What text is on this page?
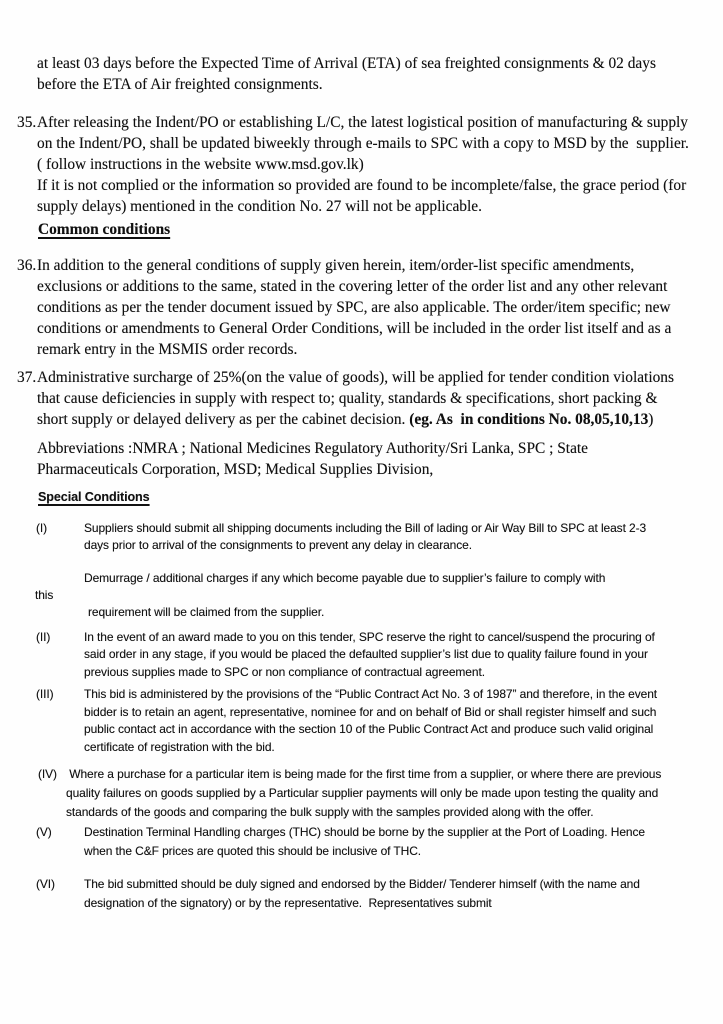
at least 03 days before the Expected Time of Arrival (ETA) of sea freighted consignments & 02 days before the ETA of Air freighted consignments.

35. After releasing the Indent/PO or establishing L/C, the latest logistical position of manufacturing & supply on the Indent/PO, shall be updated biweekly through e-mails to SPC with a copy to MSD by the  supplier.( follow instructions in the website www.msd.gov.lk)

If it is not complied or the information so provided are found to be incomplete/false, the grace period (for supply delays) mentioned in the condition No. 27 will not be applicable.

Common conditions
36. In addition to the general conditions of supply given herein, item/order-list specific amendments, exclusions or additions to the same, stated in the covering letter of the order list and any other relevant conditions as per the tender document issued by SPC, are also applicable. The order/item specific; new conditions or amendments to General Order Conditions, will be included in the order list itself and as a remark entry in the MSMIS order records.

37. Administrative surcharge of 25%(on the value of goods), will be applied for tender condition violations that cause deficiencies in supply with respect to; quality, standards & specifications, short packing & short supply or delayed delivery as per the cabinet decision. (eg. As  in conditions No. 08,05,10,13)

Abbreviations :NMRA ; National Medicines Regulatory Authority/Sri Lanka, SPC ; State Pharmaceuticals Corporation, MSD; Medical Supplies Division,

Special Conditions
(I)	Suppliers should submit all shipping documents including the Bill of lading or Air Way Bill to SPC at least 2-3 days prior to arrival of the consignments to prevent any delay in clearance.

Demurrage / additional charges if any which become payable due to supplier’s failure to comply with

this

requirement will be claimed from the supplier.

(II)	In the event of an award made to you on this tender, SPC reserve the right to cancel/suspend the procuring of said order in any stage, if you would be placed the defaulted supplier’s list due to quality failure found in your previous supplies made to SPC or non compliance of contractual agreement.

(III)	This bid is administered by the provisions of the “Public Contract Act No. 3 of 1987” and therefore, in the event bidder is to retain an agent, representative, nominee for and on behalf of Bid or shall register himself and such public contact act in accordance with the section 10 of the Public Contract Act and produce such valid original certificate of registration with the bid.

(IV) Where a purchase for a particular item is being made for the first time from a supplier, or where there are previous quality failures on goods supplied by a Particular supplier payments will only be made upon testing the quality and standards of the goods and comparing the bulk supply with the samples provided along with the offer.

(V)	Destination Terminal Handling charges (THC) should be borne by the supplier at the Port of Loading. Hence when the C&F prices are quoted this should be inclusive of THC.

(VI) The bid submitted should be duly signed and endorsed by the Bidder/ Tenderer himself (with the name and designation of the signatory) or by the representative.  Representatives submit
